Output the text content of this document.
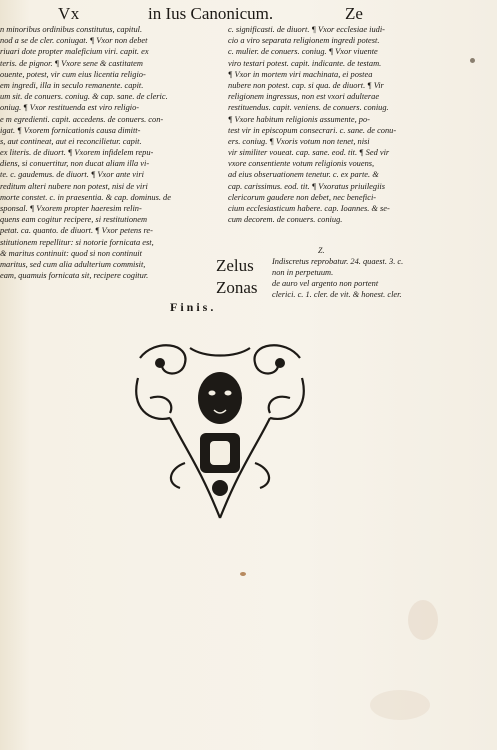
Vx	in Ius Canonicum.	Ze
n minoribus ordinibus constitutus, capitul.
nod a se de cler. coniugat. ¶ Vxor non debet
riuari dote propter maleficium viri. capit. ex
teris. de pignor. ¶ Vxore sene & castitatem
ouente, potest, vir cum eius licentia religio-
em ingredi, illa in seculo remanente. capit.
um sit. de conuers. coniug. & cap. sane. de cleric.
oniug. ¶ Vxor restituenda est viro religio-
e m egredienti. capit. accedens. de conuers. con-
igat. ¶ Vxorem fornicationis causa dimitt-
s, aut contineat, aut ei reconcilietur. capit.
ex literis. de diuort. ¶ Vxorem infidelem repu-
diens, si conuertitur, non ducat aliam illa vi-
te. c. gaudemus. de diuort. ¶ Vxor ante viri
reditum alteri nubere non potest, nisi de viri
morte constet. c. in praesentia. & cap. dominus. de
sponsal. ¶ Vxorem propter haeresim relin-
quens eam cogitur recipere, si restitutionem
petat. ca. quanto. de diuort. ¶ Vxor petens re-
stitutionem repellitur: si notorie fornicata est,
& maritus continuit: quod si non continuit
maritus, sed cum alia adulterium commisit,
eam, quamuis fornicata sit, recipere cogitur.
c. significasti. de diuort. ¶ Vxor ecclesiae iudi-
cio a viro separata religionem ingredi potest.
c. mulier. de conuers. coniug. ¶ Vxor viuente
viro testari potest. capit. indicante. de testam.
¶ Vxor in mortem viri machinata, ei postea
nubere non potest. cap. si qua. de diuort. ¶ Vir
religionem ingressus, non est vxori adulterae
restituendus. capit. veniens. de conuers. coniug.
¶ Vxore habitum religionis assumente, po-
test vir in episcopum consecrari. c. sane. de conu-
ers. coniug. ¶ Vxoris votum non tenet, nisi
vir similiter voueat. cap. sane. eod. tit. ¶ Sed vir
vxore consentiente votum religionis vouens,
ad eius obseruationem tenetur. c. ex parte. &
cap. carissimus. eod. tit. ¶ Vxoratus priuilegiis
clericorum gaudere non debet, nec benefici-
cium ecclesiasticum habere. cap. Ioannes. & se-
cum decorem. de conuers. coniug.
Z.
Zelus Indiscretus reprobatur. 24. quaest. 3. c.
non in perpetuum.
Zonas de auro vel argento non portent
clerici. c. 1. cler. de vit. & honest. cler.
Finis.
